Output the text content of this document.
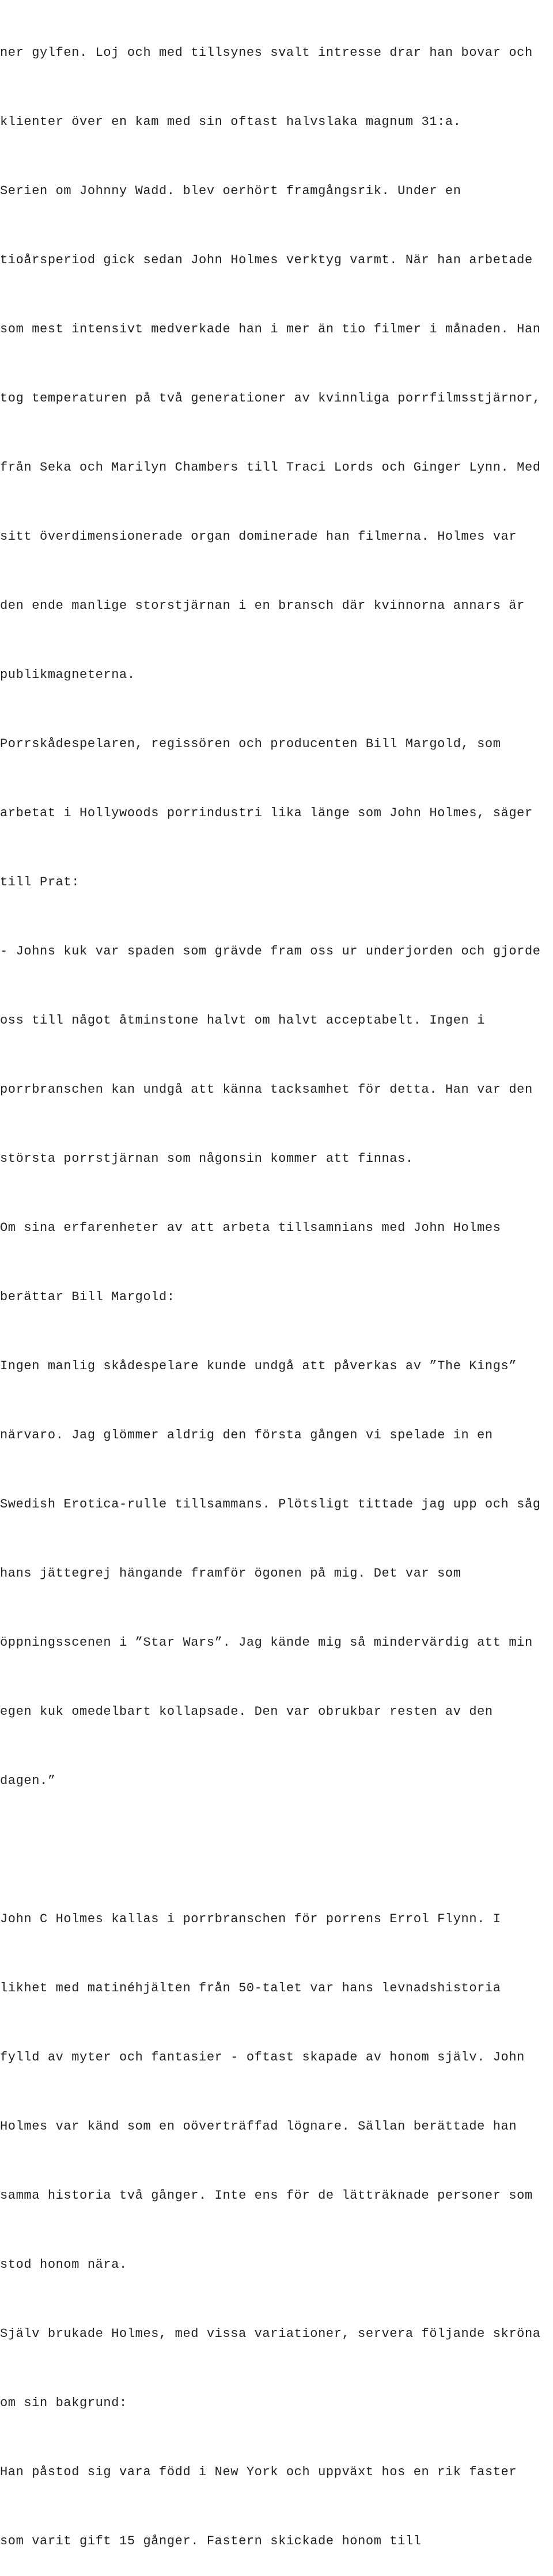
ner gylfen. Loj och med tillsynes svalt intresse drar han bovar och

klienter över en kam med sin oftast halvslaka magnum 31:a.

Serien om Johnny Wadd. blev oerhört framgångsrik. Under en

tioårsperiod gick sedan John Holmes verktyg varmt. När han arbetade

som mest intensivt medverkade han i mer än tio filmer i månaden. Han

tog temperaturen på två generationer av kvinnliga porrfilmsstjärnor,

från Seka och Marilyn Chambers till Traci Lords och Ginger Lynn. Med

sitt överdimensionerade organ dominerade han filmerna. Holmes var

den ende manlige storstjärnan i en bransch där kvinnorna annars är

publikmagneterna.

Porrskådespelaren, regissören och producenten Bill Margold, som

arbetat i Hollywoods porrindustri lika länge som John Holmes, säger

till Prat:

- Johns kuk var spaden som grävde fram oss ur underjorden och gjorde

oss till något åtminstone halvt om halvt acceptabelt. Ingen i

porrbranschen kan undgå att känna tacksamhet för detta. Han var den

största porrstjärnan som någonsin kommer att finnas.

Om sina erfarenheter av att arbeta tillsamnians med John Holmes

berättar Bill Margold:

Ingen manlig skådespelare kunde undgå att påverkas av ”The Kings”

närvaro. Jag glömmer aldrig den första gången vi spelade in en

Swedish Erotica-rulle tillsammans. Plötsligt tittade jag upp och såg

hans jättegrej hängande framför ögonen på mig. Det var som

öppningsscenen i ”Star Wars”. Jag kände mig så mindervärdig att min

egen kuk omedelbart kollapsade. Den var obrukbar resten av den

dagen.”

John C Holmes kallas i porrbranschen för porrens Errol Flynn. I

likhet med matinéhjälten från 50-talet var hans levnadshistoria

fylld av myter och fantasier - oftast skapade av honom själv. John

Holmes var känd som en oöverträffad lögnare. Sällan berättade han

samma historia två gånger. Inte ens för de lätträknade personer som

stod honom nära.

Själv brukade Holmes, med vissa variationer, servera följande skröna

om sin bakgrund:

Han påstod sig vara född i New York och uppväxt hos en rik faster

som varit gift 15 gånger. Fastern skickade honom till
